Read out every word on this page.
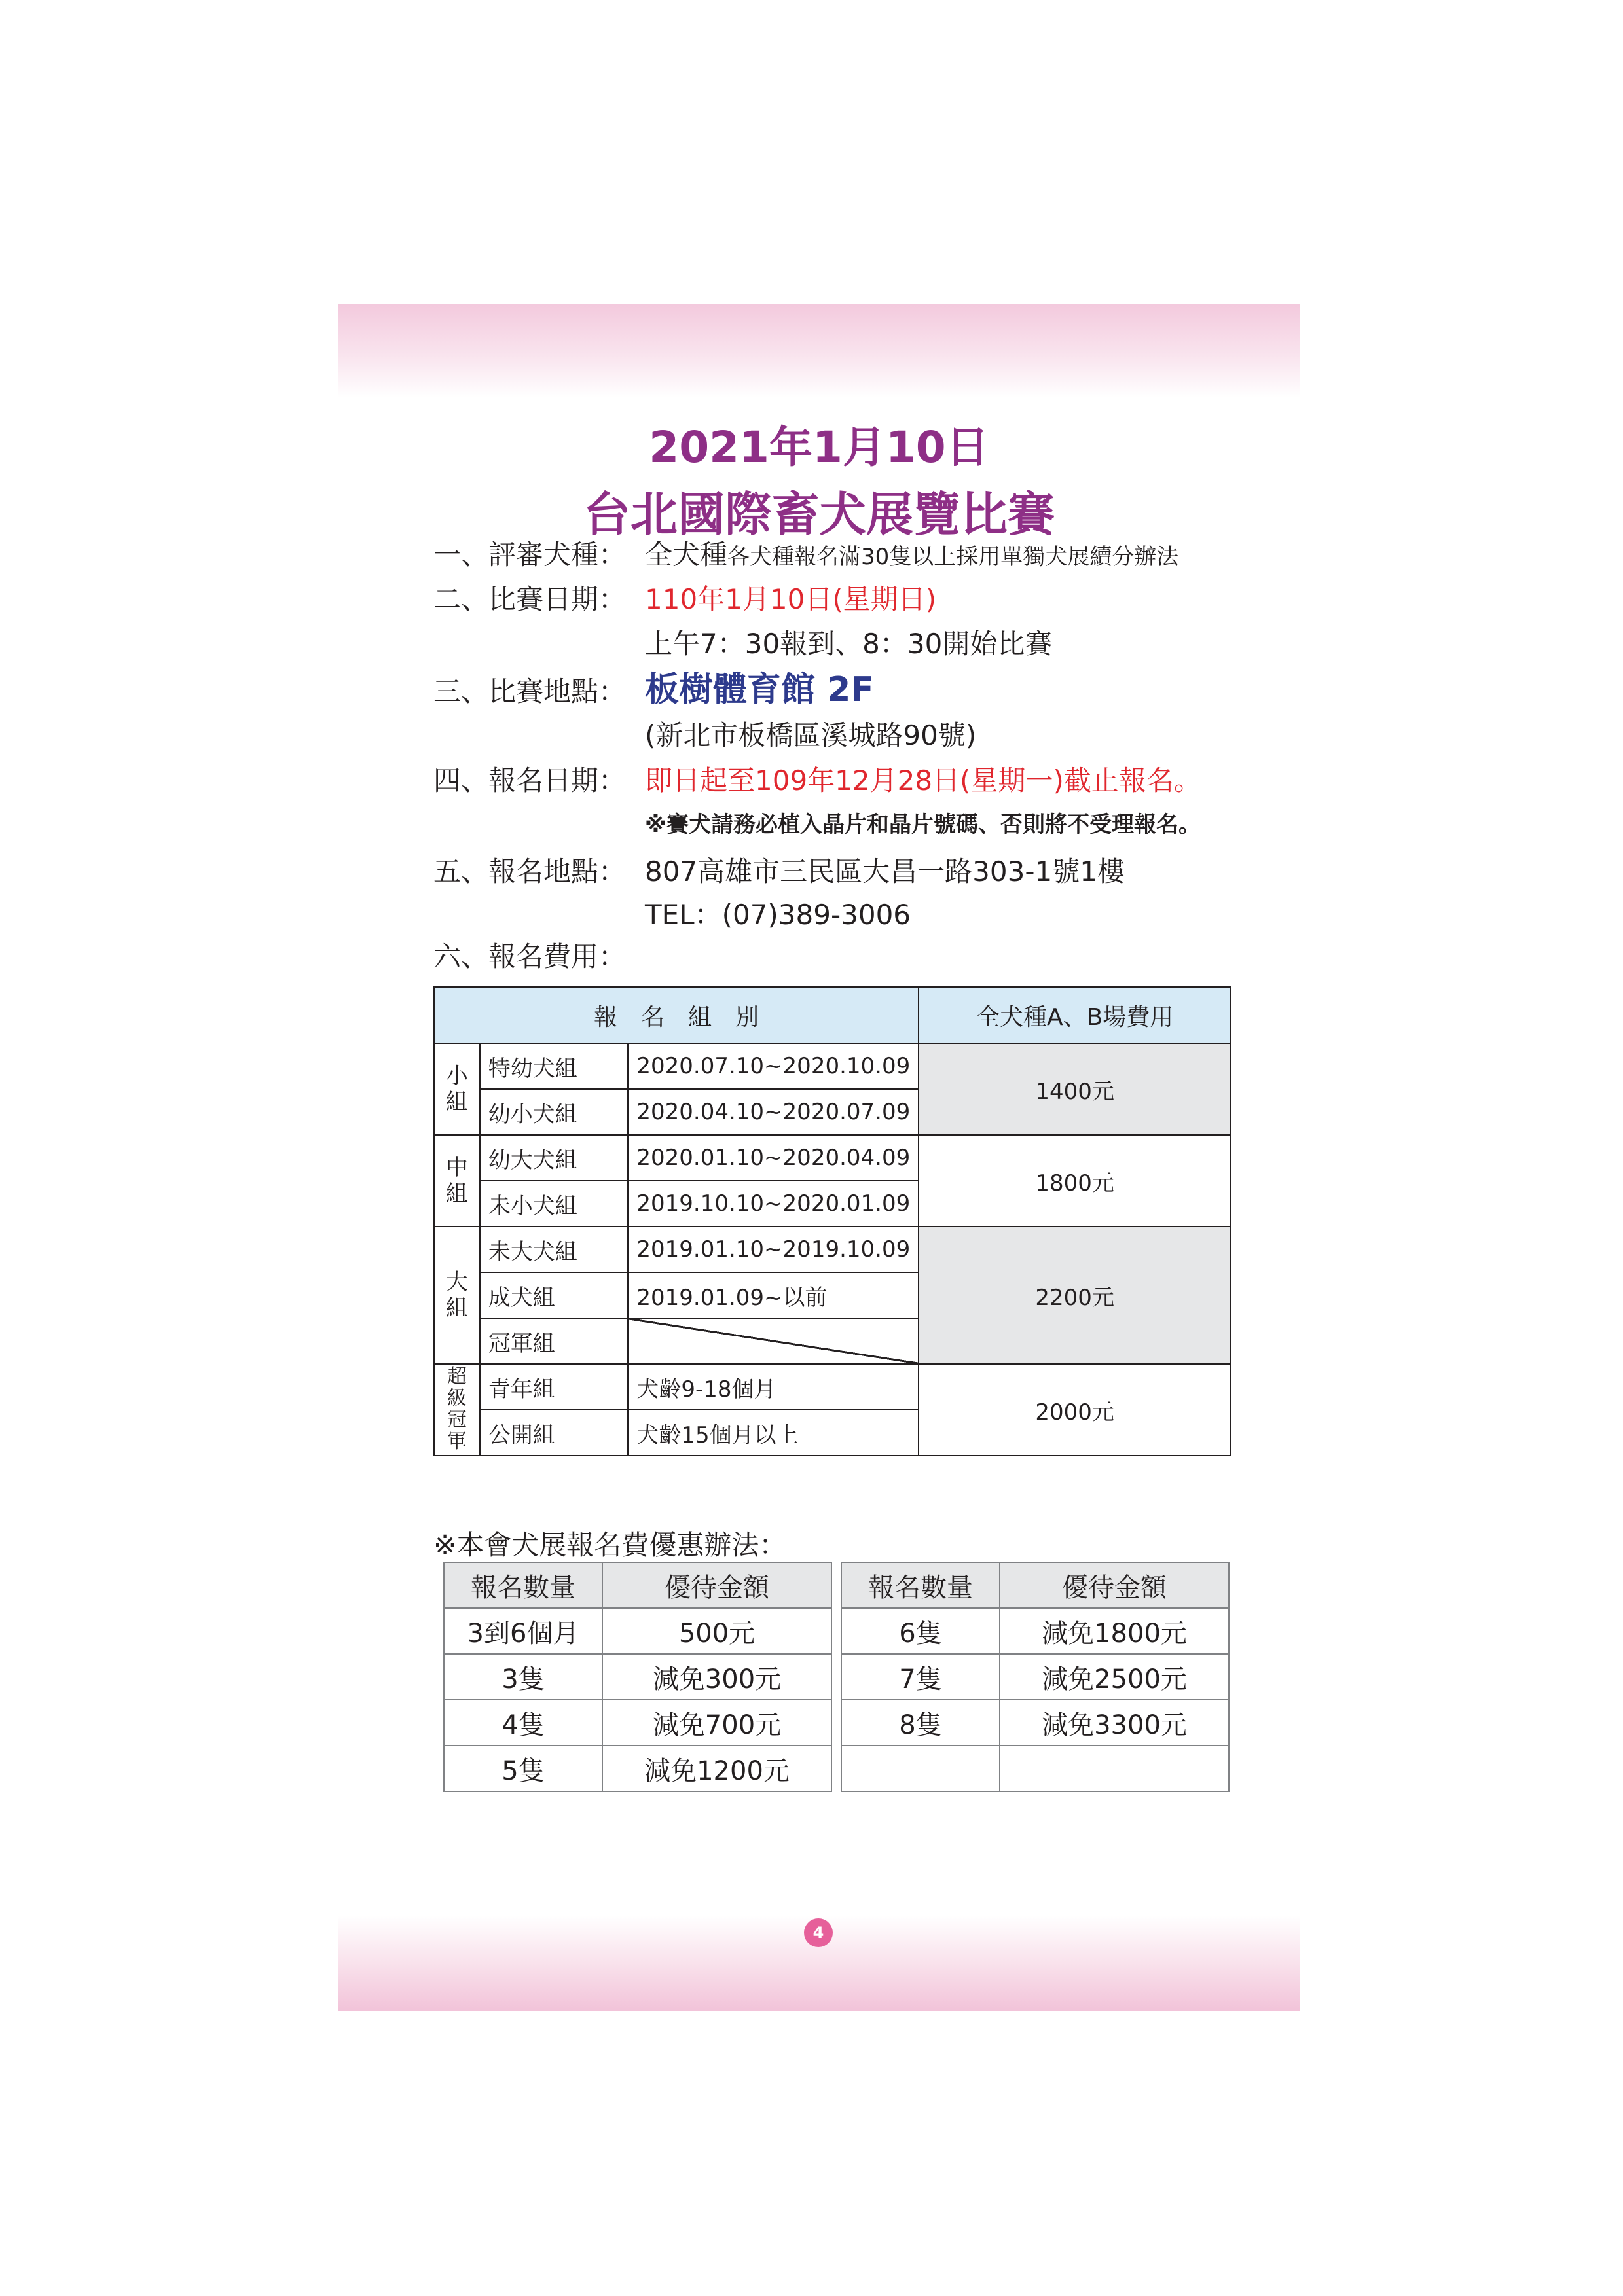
2021年1月10日
台北國際畜犬展覽比賽
一、評審犬種： 全犬種各犬種報名滿30隻以上採用單獨犬展續分辦法
二、比賽日期： 110年1月10日(星期日)
上午7：30報到、8：30開始比賽
三、比賽地點： 板樹體育館 2F
(新北市板橋區溪城路90號)
四、報名日期： 即日起至109年12月28日(星期一)截止報名。
※賽犬請務必植入晶片和晶片號碼、否則將不受理報名。
五、報名地點： 807高雄市三民區大昌一路303-1號1樓
TEL：(07)389-3006
六、報名費用：
報　名　組　別			全犬種A、B場費用
小組	特幼犬組	2020.07.10~2020.10.09	1400元
	幼小犬組	2020.04.10~2020.07.09	
中組	幼大犬組	2020.01.10~2020.04.09	1800元
	未小犬組	2019.10.10~2020.01.09	
大組	未大犬組	2019.01.10~2019.10.09	2200元
	成犬組	2019.01.09~以前	
	冠軍組		
超級冠軍	青年組	犬齡9-18個月	2000元
	公開組	犬齡15個月以上	
※本會犬展報名費優惠辦法：
報名數量	優待金額
3到6個月	500元
3隻	減免300元
4隻	減免700元
5隻	減免1200元
報名數量	優待金額
6隻	減免1800元
7隻	減免2500元
8隻	減免3300元

4
